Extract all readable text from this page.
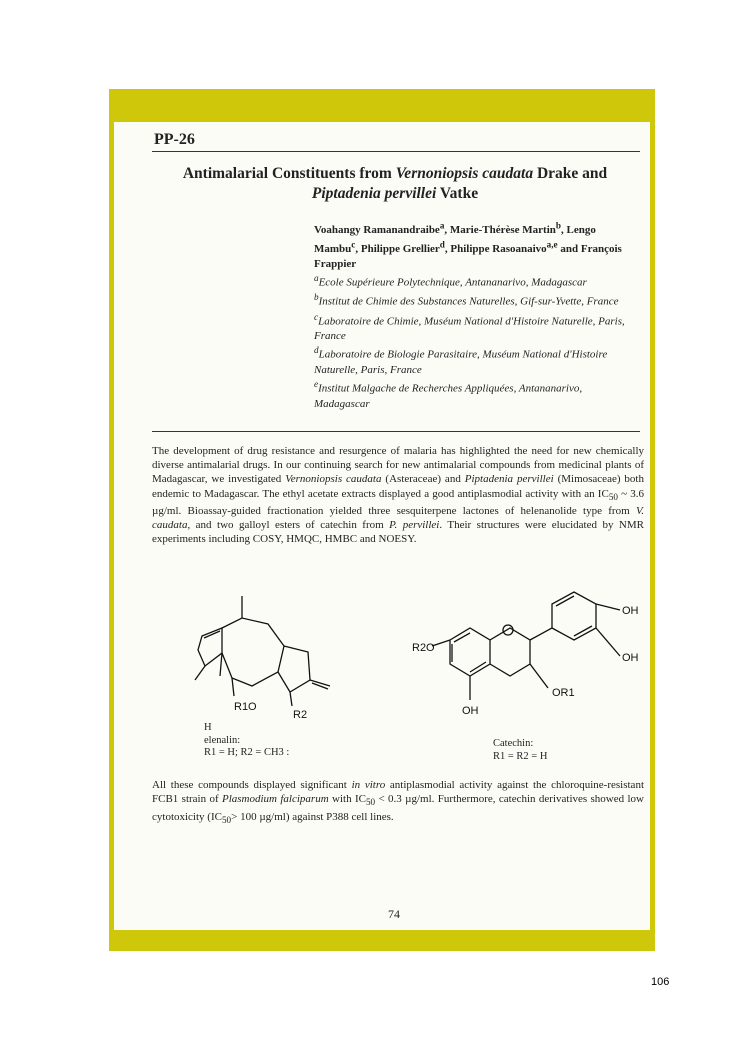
PP-26
Antimalarial Constituents from Vernoniopsis caudata Drake and
Piptadenia pervillei Vatke
Voahangy Ramanandraibe$^a$, Marie-Thérèse Martin$^b$, Lengo Mambu$^c$, Philippe Grellier$^d$, Philippe Rasoanaivo$^{a,e}$ and François Frappier
$^a$Ecole Supérieure Polytechnique, Antananarivo, Madagascar
$^b$Institut de Chimie des Substances Naturelles, Gif-sur-Yvette, France
$^c$Laboratoire de Chimie, Muséum National d'Histoire Naturelle, Paris, France
$^d$Laboratoire de Biologie Parasitaire, Muséum National d'Histoire Naturelle, Paris, France
$^e$Institut Malgache de Recherches Appliquées, Antananarivo, Madagascar
The development of drug resistance and resurgence of malaria has highlighted the need for new chemically diverse antimalarial drugs. In our continuing search for new antimalarial compounds from medicinal plants of Madagascar, we investigated Vernoniopsis caudata (Asteraceae) and Piptadenia pervillei (Mimosaceae) both endemic to Madagascar. The ethyl acetate extracts displayed a good antiplasmodial activity with an $IC_{50}$ ~ 3.6 µg/ml. Bioassay-guided fractionation yielded three sesquiterpene lactones of helenanolide type from V. caudata, and two galloyl esters of catechin from P. pervillei. Their structures were elucidated by NMR experiments including COSY, HMQC, HMBC and NOESY.
R1O
R2
R2O
OH
OH
OR1
OH
H
elenalin:
R1 = H; R2 = CH3 :
Catechin:
R1 = R2 = H
All these compounds displayed significant in vitro antiplasmodial activity against the chloroquine-resistant FCB1 strain of Plasmodium falciparum with $IC_{50} < 0.3$ µg/ml. Furthermore, catechin derivatives showed low cytotoxicity ($IC_{50}> 100$ µg/ml) against P388 cell lines.
74
106
